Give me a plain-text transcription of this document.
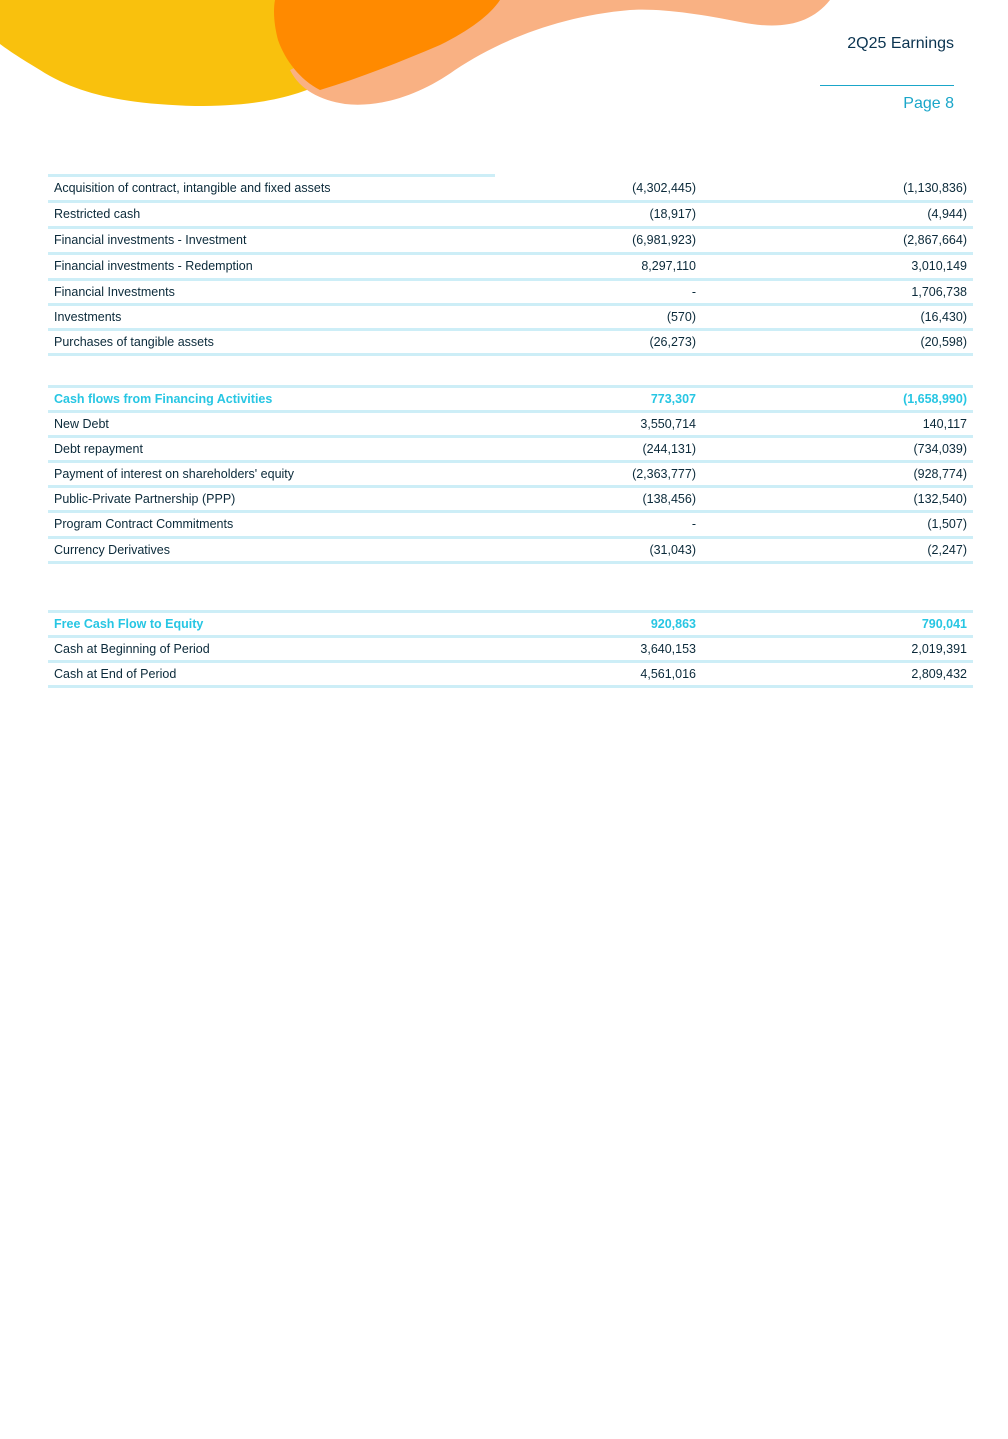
2Q25 Earnings
Page 8
Acquisition of contract, intangible and fixed assets	(4,302,445)	(1,130,836)
Restricted cash	(18,917)	(4,944)
Financial investments - Investment	(6,981,923)	(2,867,664)
Financial investments - Redemption	8,297,110	3,010,149
Financial Investments	-	1,706,738
Investments	(570)	(16,430)
Purchases of tangible assets	(26,273)	(20,598)
Cash flows from Financing Activities	773,307	(1,658,990)
New Debt	3,550,714	140,117
Debt repayment	(244,131)	(734,039)
Payment of interest on shareholders' equity	(2,363,777)	(928,774)
Public-Private Partnership (PPP)	(138,456)	(132,540)
Program Contract Commitments	-	(1,507)
Currency Derivatives	(31,043)	(2,247)
Free Cash Flow to Equity	920,863	790,041
Cash at Beginning of Period	3,640,153	2,019,391
Cash at End of Period	4,561,016	2,809,432
